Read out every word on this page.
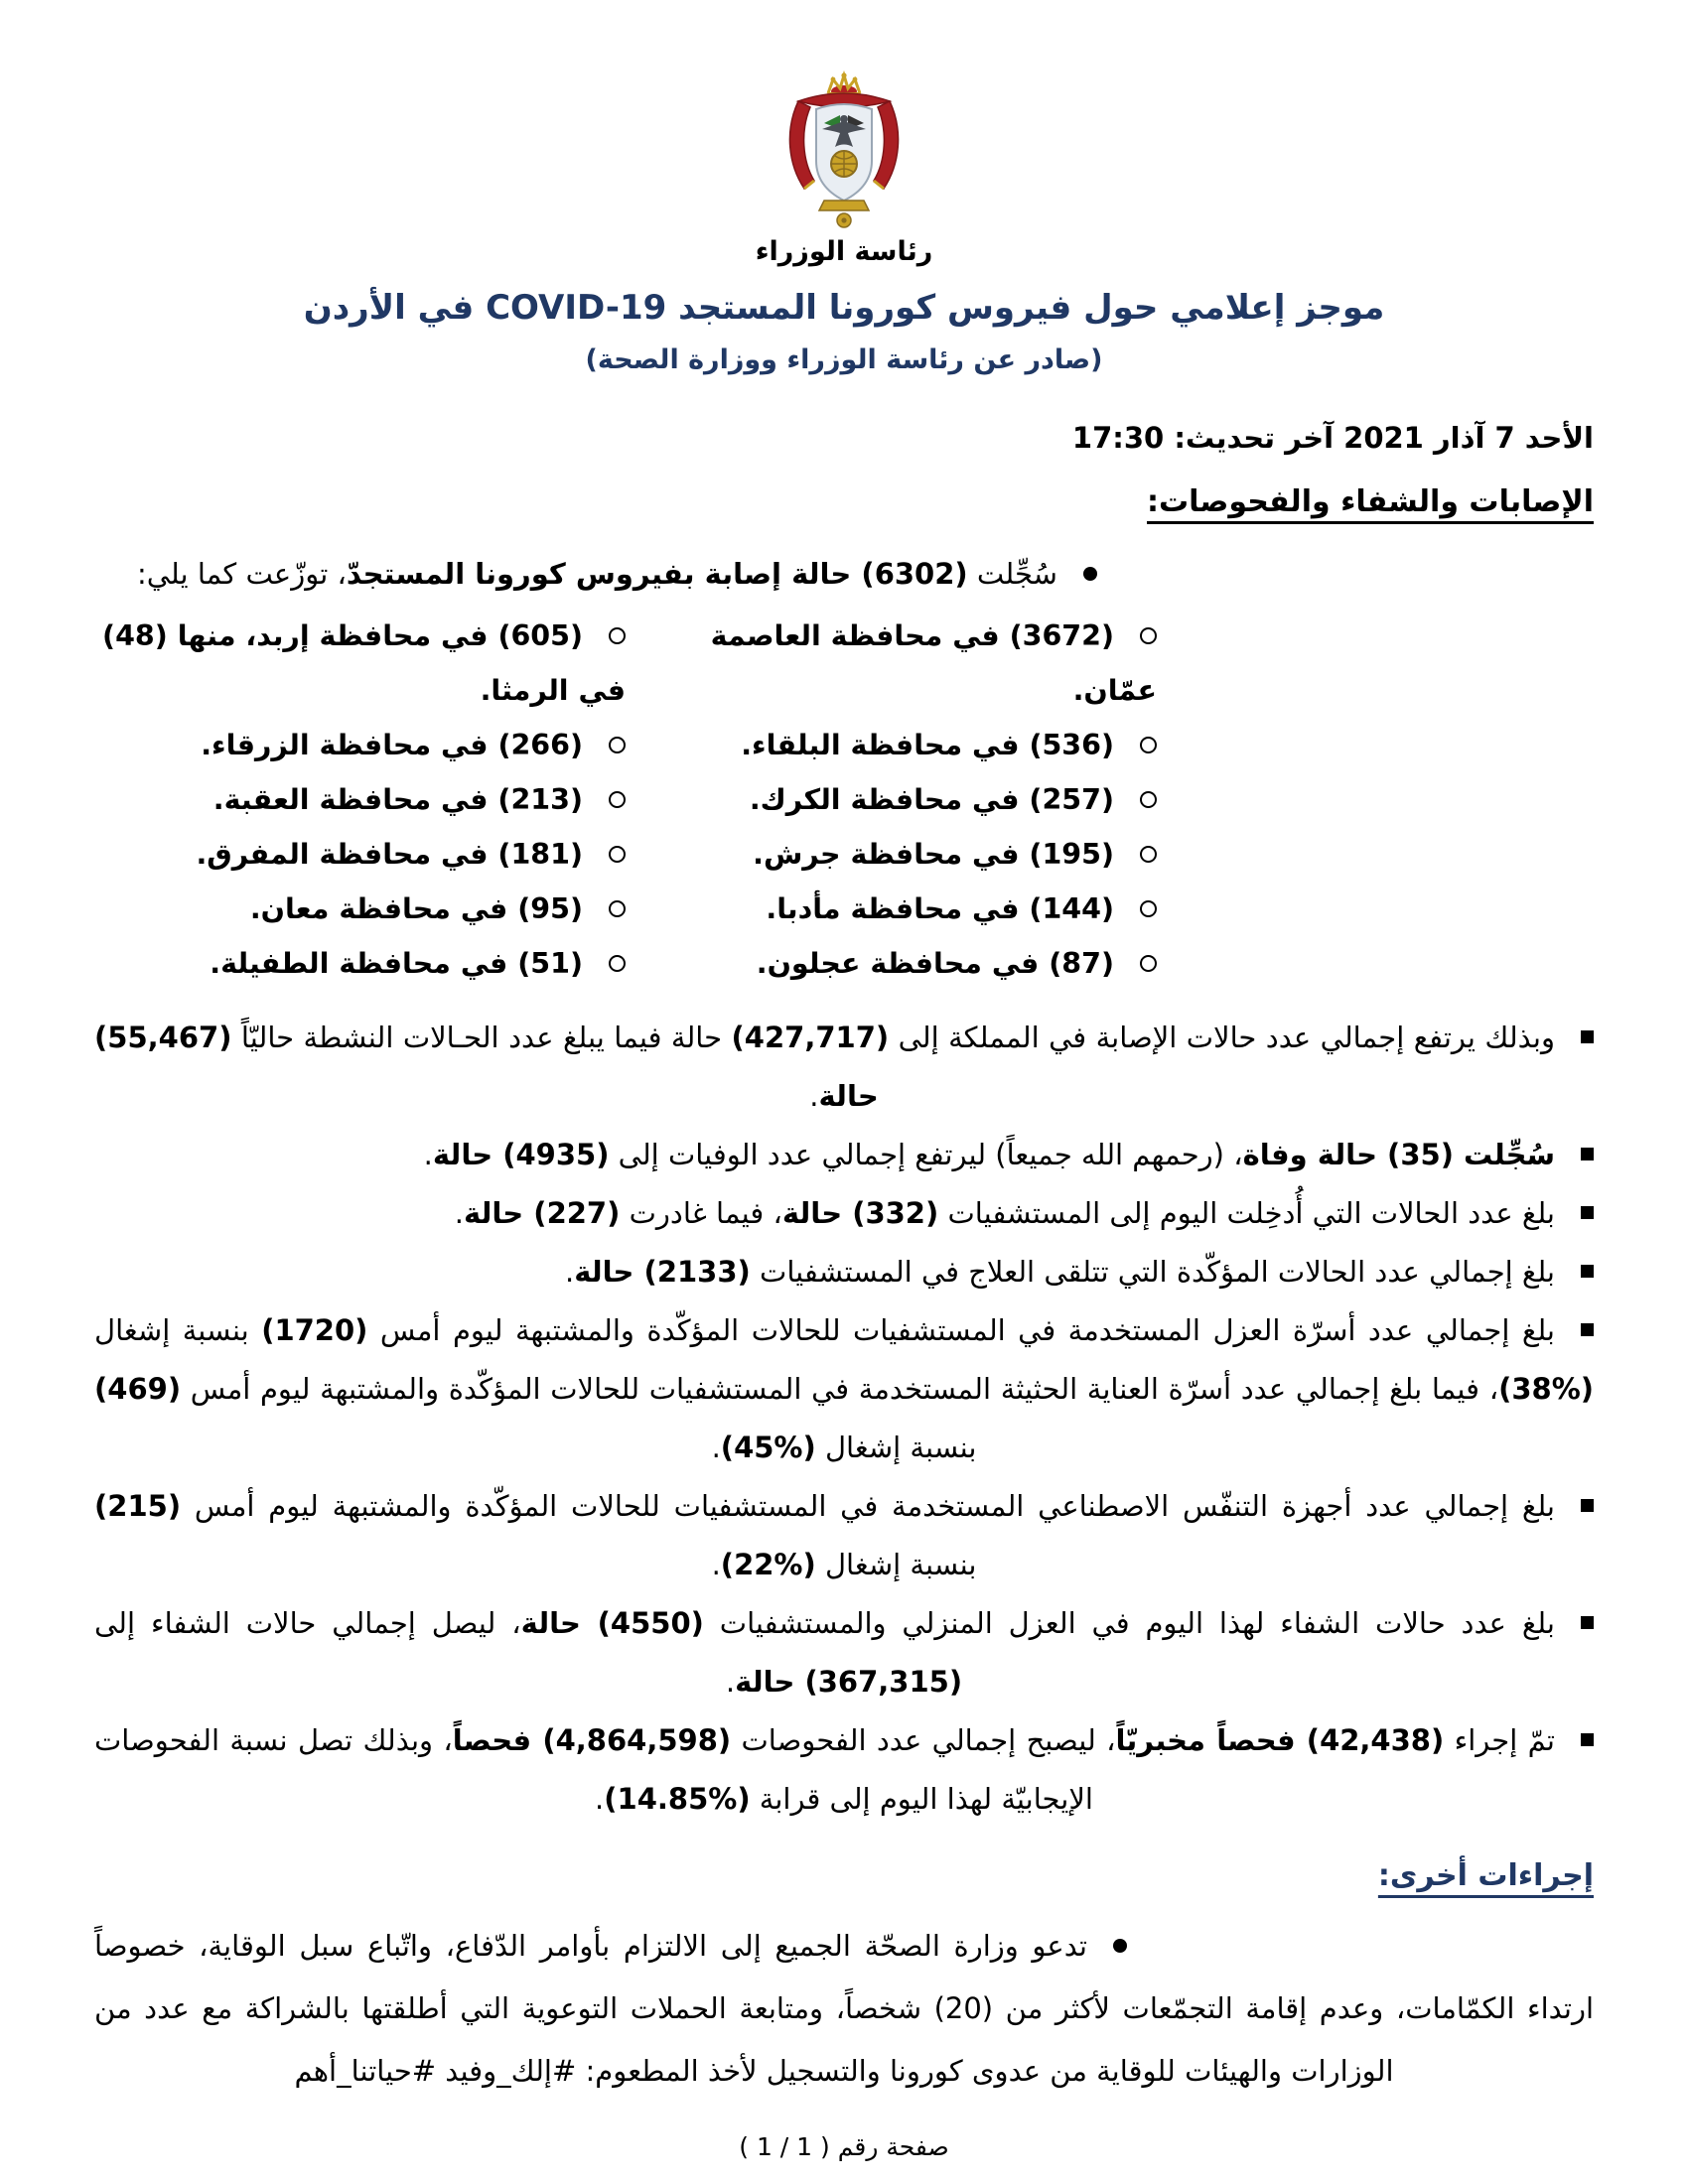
رئاسة الوزراء
موجز إعلامي حول فيروس كورونا المستجد COVID-19 في الأردن
(صادر عن رئاسة الوزراء ووزارة الصحة)
الأحد 7 آذار 2021 آخر تحديث: 17:30
الإصابات والشفاء والفحوصات:

سُجِّلت (6302) حالة إصابة بفيروس كورونا المستجدّ، توزّعت كما يلي:

(3672) في محافظة العاصمة عمّان.
(605) في محافظة إربد، منها (48) في الرمثا.
(536) في محافظة البلقاء.
(266) في محافظة الزرقاء.
(257) في محافظة الكرك.
(213) في محافظة العقبة.
(195) في محافظة جرش.
(181) في محافظة المفرق.
(144) في محافظة مأدبا.
(95) في محافظة معان.
(87) في محافظة عجلون.
(51) في محافظة الطفيلة.

وبذلك يرتفع إجمالي عدد حالات الإصابة في المملكة إلى (427,717) حالة فيما يبلغ عدد الحـالات النشطة حاليّاً (55,467) حالة.

سُجِّلت (35) حالة وفاة، (رحمهم الله جميعاً) ليرتفع إجمالي عدد الوفيات إلى (4935) حالة.

بلغ عدد الحالات التي أُدخِلت اليوم إلى المستشفيات (332) حالة، فيما غادرت (227) حالة.

بلغ إجمالي عدد الحالات المؤكّدة التي تتلقى العلاج في المستشفيات (2133) حالة.

بلغ إجمالي عدد أسرّة العزل المستخدمة في المستشفيات للحالات المؤكّدة والمشتبهة ليوم أمس (1720) بنسبة إشغال (%38)، فيما بلغ إجمالي عدد أسرّة العناية الحثيثة المستخدمة في المستشفيات للحالات المؤكّدة والمشتبهة ليوم أمس (469) بنسبة إشغال (%45).

بلغ إجمالي عدد أجهزة التنفّس الاصطناعي المستخدمة في المستشفيات للحالات المؤكّدة والمشتبهة ليوم أمس (215) بنسبة إشغال (%22).

بلغ عدد حالات الشفاء لهذا اليوم في العزل المنزلي والمستشفيات (4550) حالة، ليصل إجمالي حالات الشفاء إلى (367,315) حالة.

تمّ إجراء (42,438) فحصاً مخبريّاً، ليصبح إجمالي عدد الفحوصات (4,864,598) فحصاً، وبذلك تصل نسبة الفحوصات الإيجابيّة لهذا اليوم إلى قرابة (%14.85).

إجراءات أخرى:

تدعو وزارة الصحّة الجميع إلى الالتزام بأوامر الدّفاع، واتّباع سبل الوقاية، خصوصاً ارتداء الكمّامات، وعدم إقامة التجمّعات لأكثر من (20) شخصاً، ومتابعة الحملات التوعوية التي أطلقتها بالشراكة مع عدد من الوزارات والهيئات للوقاية من عدوى كورونا والتسجيل لأخذ المطعوم: #إلك_وفيد #حياتنا_أهم

صفحة رقم ( 1 / 1 )
